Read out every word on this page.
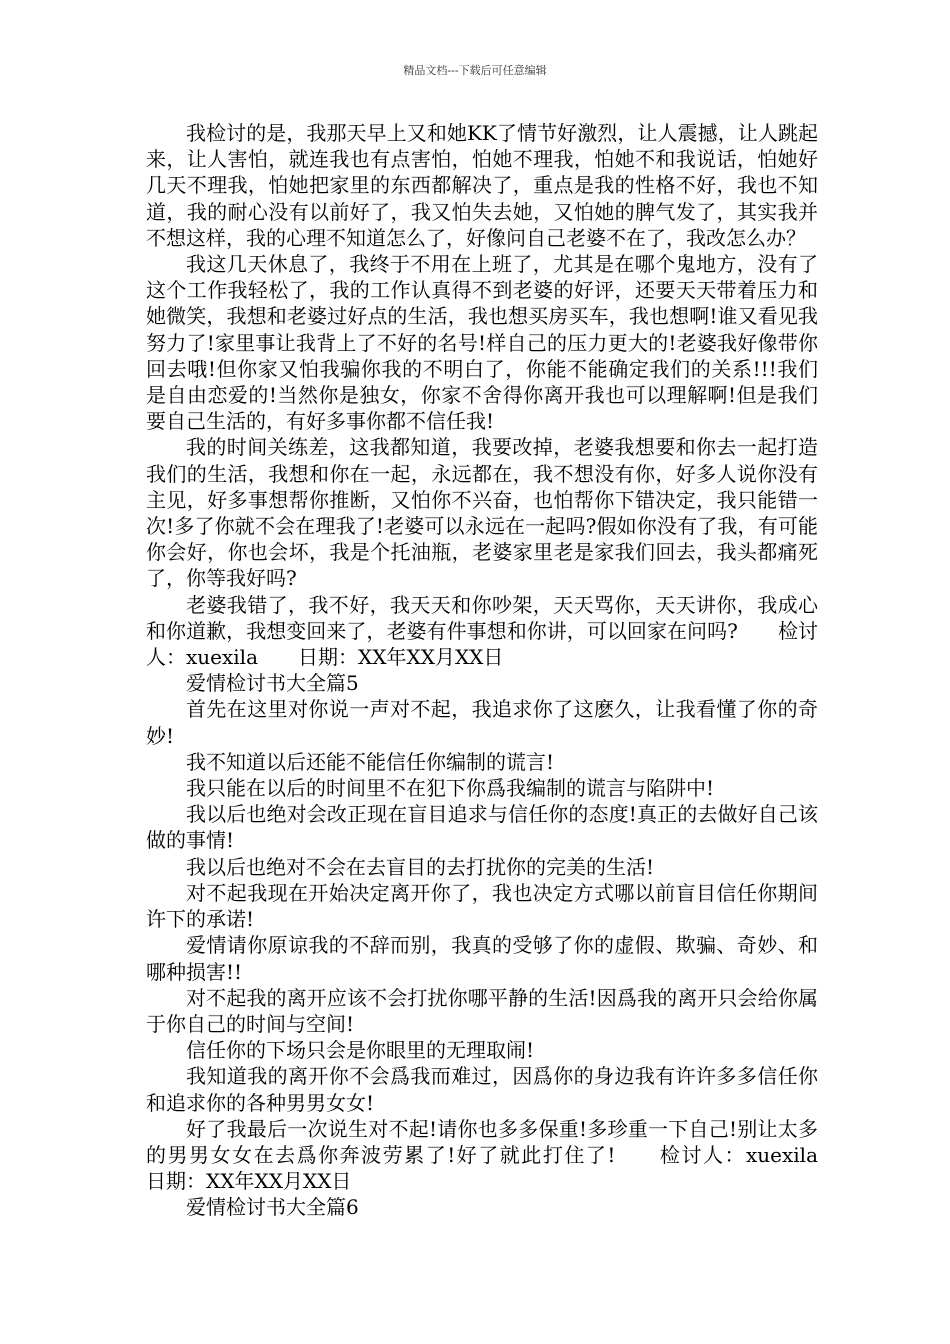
精品文档---下载后可任意编辑

我检讨的是，我那天早上又和她KK了情节好激烈，让人震撼，让人跳起来，让人害怕，就连我也有点害怕，怕她不理我，怕她不和我说话，怕她好几天不理我，怕她把家里的东西都解决了，重点是我的性格不好，我也不知道，我的耐心没有以前好了，我又怕失去她，又怕她的脾气发了，其实我并不想这样，我的心理不知道怎么了，好像问自己老婆不在了，我改怎么办？

我这几天休息了，我终于不用在上班了，尤其是在哪个鬼地方，没有了这个工作我轻松了，我的工作认真得不到老婆的好评，还要天天带着压力和她微笑，我想和老婆过好点的生活，我也想买房买车，我也想啊!谁又看见我努力了!家里事让我背上了不好的名号!样自己的压力更大的!老婆我好像带你回去哦!但你家又怕我骗你我的不明白了，你能不能确定我们的关系!!!我们是自由恋爱的!当然你是独女，你家不舍得你离开我也可以理解啊!但是我们要自己生活的，有好多事你都不信任我!

我的时间关练差，这我都知道，我要改掉，老婆我想要和你去一起打造我们的生活，我想和你在一起，永远都在，我不想没有你，好多人说你没有主见，好多事想帮你推断，又怕你不兴奋，也怕帮你下错决定，我只能错一次!多了你就不会在理我了!老婆可以永远在一起吗?假如你没有了我，有可能你会好，你也会坏，我是个托油瓶，老婆家里老是家我们回去，我头都痛死了，你等我好吗?

老婆我错了，我不好，我天天和你吵架，天天骂你，天天讲你，我成心和你道歉，我想变回来了，老婆有件事想和你讲，可以回家在问吗?　　检讨人：xuexila　　日期：XX年XX月XX日

爱情检讨书大全篇5

首先在这里对你说一声对不起，我追求你了这麽久，让我看懂了你的奇妙!

我不知道以后还能不能信任你编制的谎言!

我只能在以后的时间里不在犯下你爲我编制的谎言与陷阱中!

我以后也绝对会改正现在盲目追求与信任你的态度!真正的去做好自己该做的事情!

我以后也绝对不会在去盲目的去打扰你的完美的生活!

对不起我现在开始决定离开你了，我也决定方式哪以前盲目信任你期间许下的承诺!

爱情请你原谅我的不辞而别，我真的受够了你的虚假、欺骗、奇妙、和哪种损害!!

对不起我的离开应该不会打扰你哪平静的生活!因爲我的离开只会给你属于你自己的时间与空间!

信任你的下场只会是你眼里的无理取闹!

我知道我的离开你不会爲我而难过，因爲你的身边我有许许多多信任你和追求你的各种男男女女!

好了我最后一次说生对不起!请你也多多保重!多珍重一下自己!别让太多的男男女女在去爲你奔波劳累了!好了就此打住了!　　检讨人：xuexila　　日期：XX年XX月XX日

爱情检讨书大全篇6
